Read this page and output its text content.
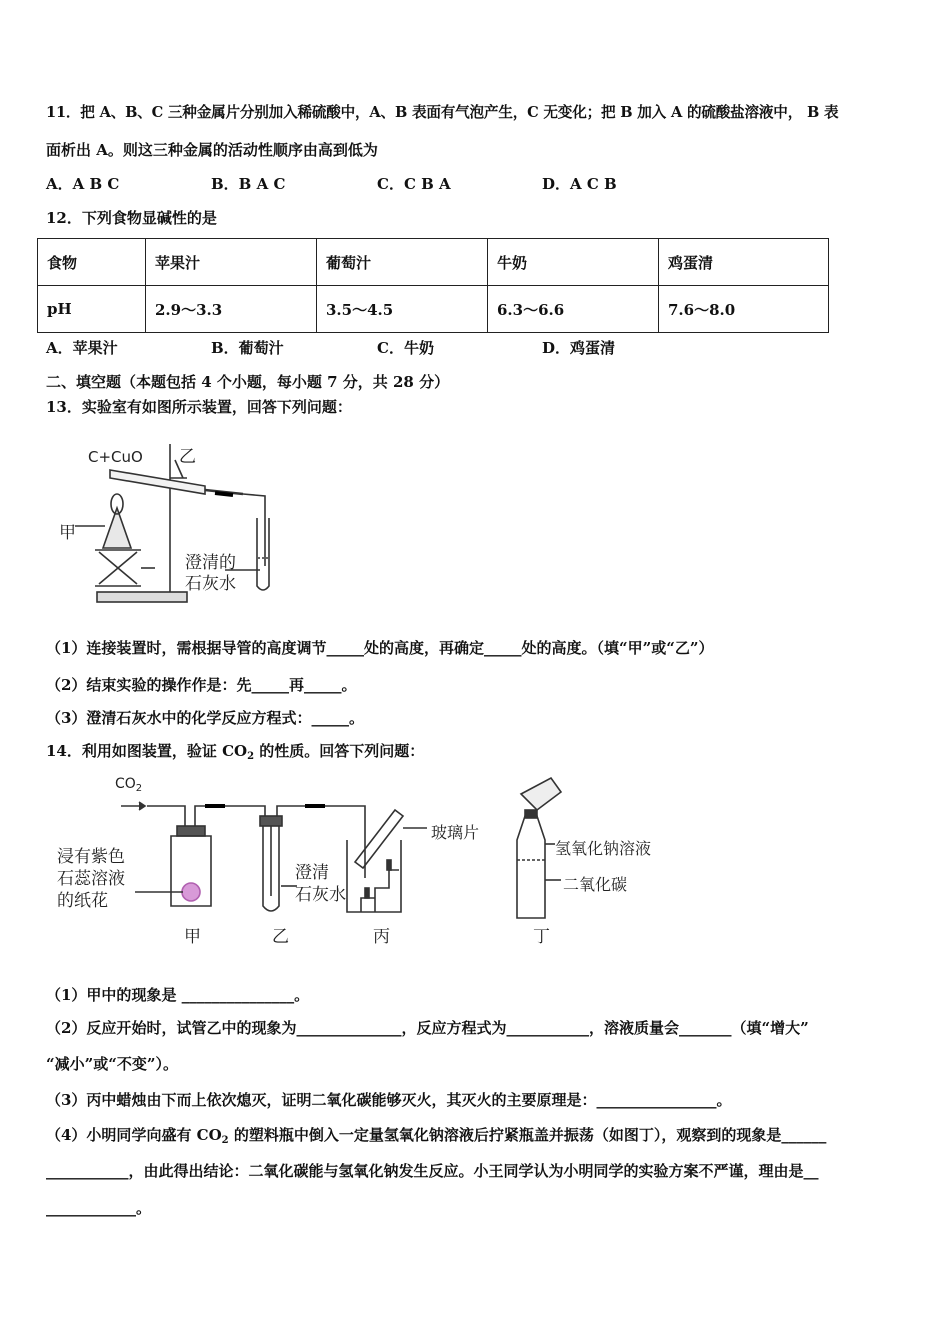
11．把 A、B、C 三种金属片分别加入稀硫酸中，A、B 表面有气泡产生，C 无变化；把 B 加入 A 的硫酸盐溶液中， B 表
面析出 A。则这三种金属的活动性顺序由高到低为
A．A B C	B．B A C	C．C B A	D．A C B
12．下列食物显碱性的是
食物	苹果汁	葡萄汁	牛奶	鸡蛋清
pH	2.9～3.3	3.5～4.5	6.3～6.6	7.6～8.0
A．苹果汁	B．葡萄汁	C．牛奶	D．鸡蛋清
二、填空题（本题包括 4 个小题，每小题 7 分，共 28 分）
13．实验室有如图所示装置，回答下列问题：
C+CuO 乙
甲
澄清的
石灰水
（1）连接装置时，需根据导管的高度调节_____处的高度，再确定_____处的高度。（填“甲”或“乙”）
（2）结束实验的操作作是：先_____再_____。
（3）澄清石灰水中的化学反应方程式：_____。
14．利用如图装置，验证 $CO_2$ 的性质。回答下列问题：
$CO_2$
浸有紫色
石蕊溶液
的纸花
澄清
石灰水
玻璃片
氢氧化钠溶液
二氧化碳
甲	乙	丙	丁
（1）甲中的现象是 _______________。
（2）反应开始时，试管乙中的现象为______________，反应方程式为___________，溶液质量会_______（填“增大”
“减小”或“不变”）。
（3）丙中蜡烛由下而上依次熄灭，证明二氧化碳能够灭火，其灭火的主要原理是：________________。
（4）小明同学向盛有 $CO_2$ 的塑料瓶中倒入一定量氢氧化钠溶液后拧紧瓶盖并振荡（如图丁），观察到的现象是______
___________，由此得出结论：二氧化碳能与氢氧化钠发生反应。小王同学认为小明同学的实验方案不严谨，理由是__
____________。
